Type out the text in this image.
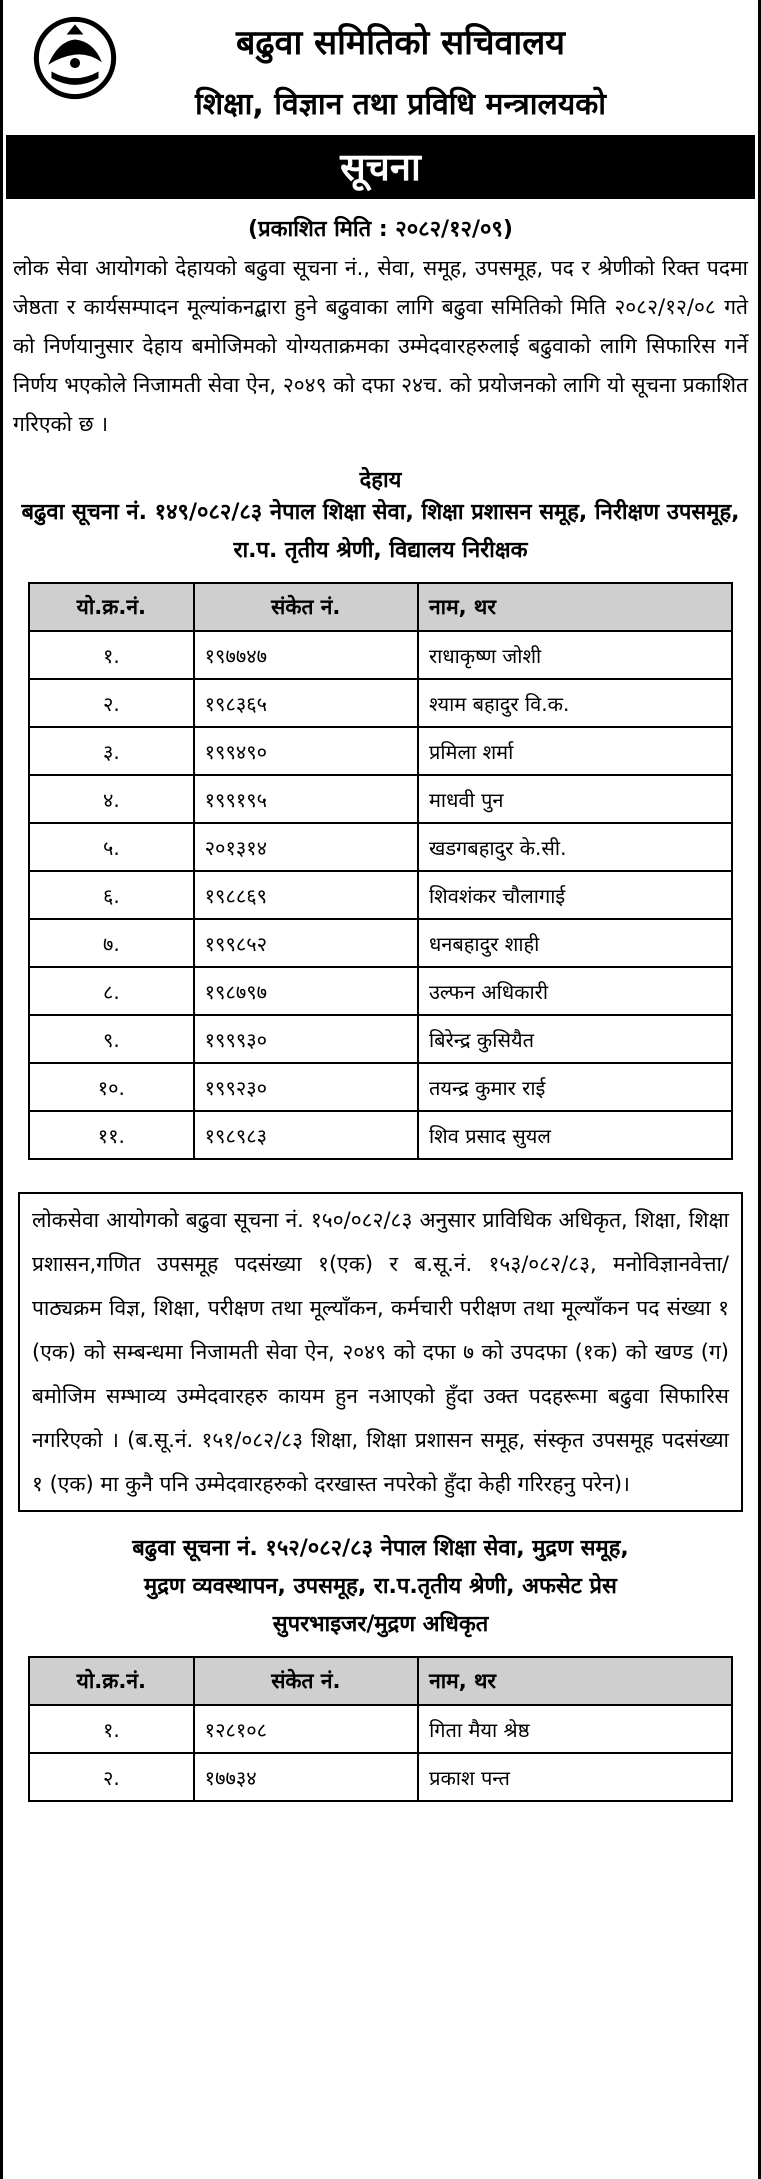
बढुवा समितिको सचिवालय
शिक्षा, विज्ञान तथा प्रविधि मन्त्रालयको
सूचना
(प्रकाशित मिति : २०८२/१२/०९)
लोक सेवा आयोगको देहायको बढुवा सूचना नं., सेवा, समूह, उपसमूह, पद र श्रेणीको रिक्त पदमा जेष्ठता र कार्यसम्पादन मूल्यांकनद्बारा हुने बढुवाका लागि बढुवा समितिको मिति २०८२/१२/०८ गते को निर्णयानुसार देहाय बमोजिमको योग्यताक्रमका उम्मेदवारहरुलाई बढुवाको लागि सिफारिस गर्ने निर्णय भएकोले निजामती सेवा ऐन, २०४९ को दफा २४च. को प्रयोजनको लागि यो सूचना प्रकाशित गरिएको छ ।
देहाय
बढुवा सूचना नं. १४९/०८२/८३ नेपाल शिक्षा सेवा, शिक्षा प्रशासन समूह, निरीक्षण उपसमूह, रा.प. तृतीय श्रेणी, विद्यालय निरीक्षक
यो.क्र.नं.	संकेत नं.	नाम, थर
१.	१९७७४७	राधाकृष्ण जोशी
२.	१९८३६५	श्याम बहादुर वि.क.
३.	१९९४९०	प्रमिला शर्मा
४.	१९९१९५	माधवी पुन
५.	२०१३१४	खडगबहादुर के.सी.
६.	१९८८६९	शिवशंकर चौलागाई
७.	१९९८५२	धनबहादुर शाही
८.	१९८७९७	उल्फन अधिकारी
९.	१९९९३०	बिरेन्द्र कुसियैत
१०.	१९९२३०	तयन्द्र कुमार राई
११.	१९८९८३	शिव प्रसाद सुयल
लोकसेवा आयोगको बढुवा सूचना नं. १५०/०८२/८३ अनुसार प्राविधिक अधिकृत, शिक्षा, शिक्षा प्रशासन,गणित उपसमूह पदसंख्या १(एक) र ब.सू.नं. १५३/०८२/८३, मनोविज्ञानवेत्ता/ पाठ्यक्रम विज्ञ, शिक्षा, परीक्षण तथा मूल्याँकन, कर्मचारी परीक्षण तथा मूल्याँकन पद संख्या १ (एक) को सम्बन्धमा निजामती सेवा ऐन, २०४९ को दफा ७ को उपदफा (१क) को खण्ड (ग) बमोजिम सम्भाव्य उम्मेदवारहरु कायम हुन नआएको हुँदा उक्त पदहरूमा बढुवा सिफारिस नगरिएको । (ब.सू.नं. १५१/०८२/८३ शिक्षा, शिक्षा प्रशासन समूह, संस्कृत उपसमूह पदसंख्या १ (एक) मा कुनै पनि उम्मेदवारहरुको दरखास्त नपरेको हुँदा केही गरिरहनु परेन)।
बढुवा सूचना नं. १५२/०८२/८३ नेपाल शिक्षा सेवा, मुद्रण समूह,
मुद्रण व्यवस्थापन, उपसमूह, रा.प.तृतीय श्रेणी, अफसेट प्रेस
सुपरभाइजर/मुद्रण अधिकृत
यो.क्र.नं.	संकेत नं.	नाम, थर
१.	१२८१०८	गिता मैया श्रेष्ठ
२.	१७७३४	प्रकाश पन्त
